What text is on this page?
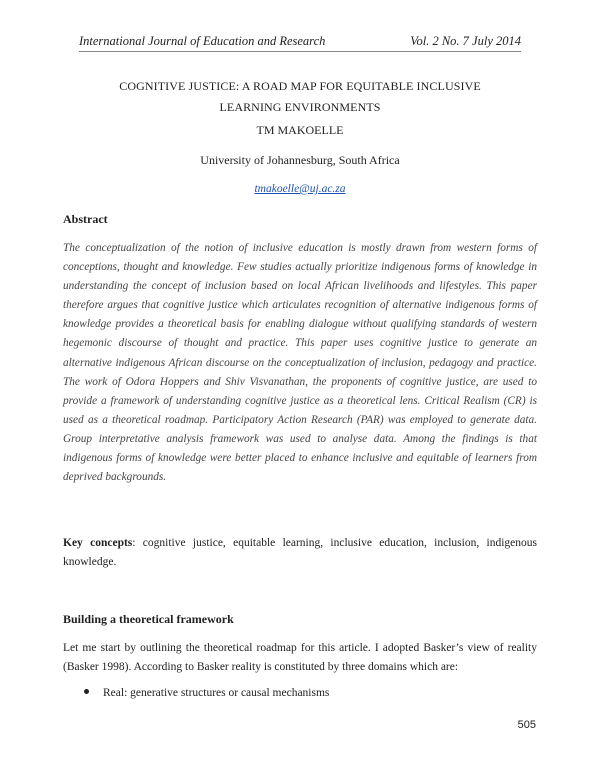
International Journal of Education and Research	Vol. 2 No. 7 July 2014
COGNITIVE JUSTICE: A ROAD MAP FOR EQUITABLE INCLUSIVE
LEARNING ENVIRONMENTS
TM MAKOELLE
University of Johannesburg, South Africa
tmakoelle@uj.ac.za
Abstract
The conceptualization of the notion of inclusive education is mostly drawn from western forms of conceptions, thought and knowledge. Few studies actually prioritize indigenous forms of knowledge in understanding the concept of inclusion based on local African livelihoods and lifestyles. This paper therefore argues that cognitive justice which articulates recognition of alternative indigenous forms of knowledge provides a theoretical basis for enabling dialogue without qualifying standards of western hegemonic discourse of thought and practice. This paper uses cognitive justice to generate an alternative indigenous African discourse on the conceptualization of inclusion, pedagogy and practice. The work of Odora Hoppers and Shiv Visvanathan, the proponents of cognitive justice, are used to provide a framework of understanding cognitive justice as a theoretical lens. Critical Realism (CR) is used as a theoretical roadmap. Participatory Action Research (PAR) was employed to generate data. Group interpretative analysis framework was used to analyse data. Among the findings is that indigenous forms of knowledge were better placed to enhance inclusive and equitable of learners from deprived backgrounds.
Key concepts: cognitive justice, equitable learning, inclusive education, inclusion, indigenous knowledge.
Building a theoretical framework
Let me start by outlining the theoretical roadmap for this article. I adopted Basker’s view of reality (Basker 1998). According to Basker reality is constituted by three domains which are:
Real: generative structures or causal mechanisms
505
